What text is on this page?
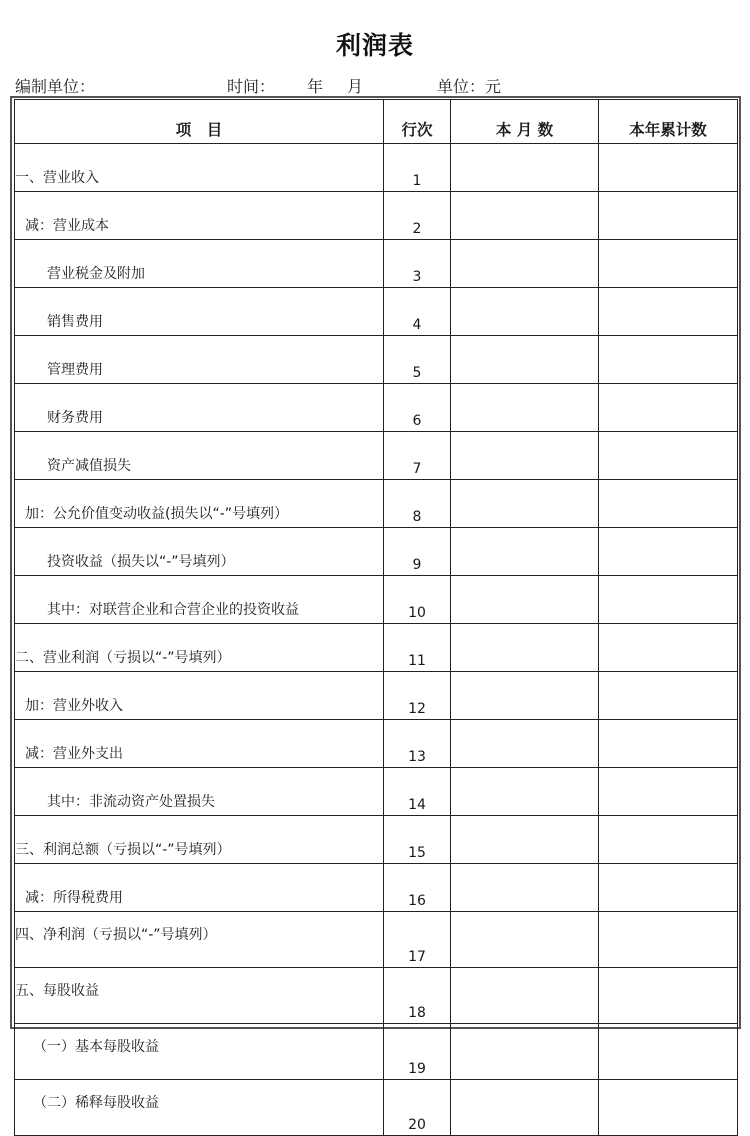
利润表
编制单位：	时间： 年 月	单位：元
项　目	行次	本 月 数	本年累计数
一、营业收入	1		
减：营业成本	2		
营业税金及附加	3		
销售费用	4		
管理费用	5		
财务费用	6		
资产减值损失	7		
加：公允价值变动收益(损失以“-”号填列）	8		
投资收益（损失以“-”号填列）	9		
其中：对联营企业和合营企业的投资收益	10		
二、营业利润（亏损以“-”号填列）	11		
加：营业外收入	12		
减：营业外支出	13		
其中：非流动资产处置损失	14		
三、利润总额（亏损以“-”号填列）	15		
减：所得税费用	16		
四、净利润（亏损以“-”号填列）	17		
五、每股收益	18		
（一）基本每股收益	19		
（二）稀释每股收益	20		
